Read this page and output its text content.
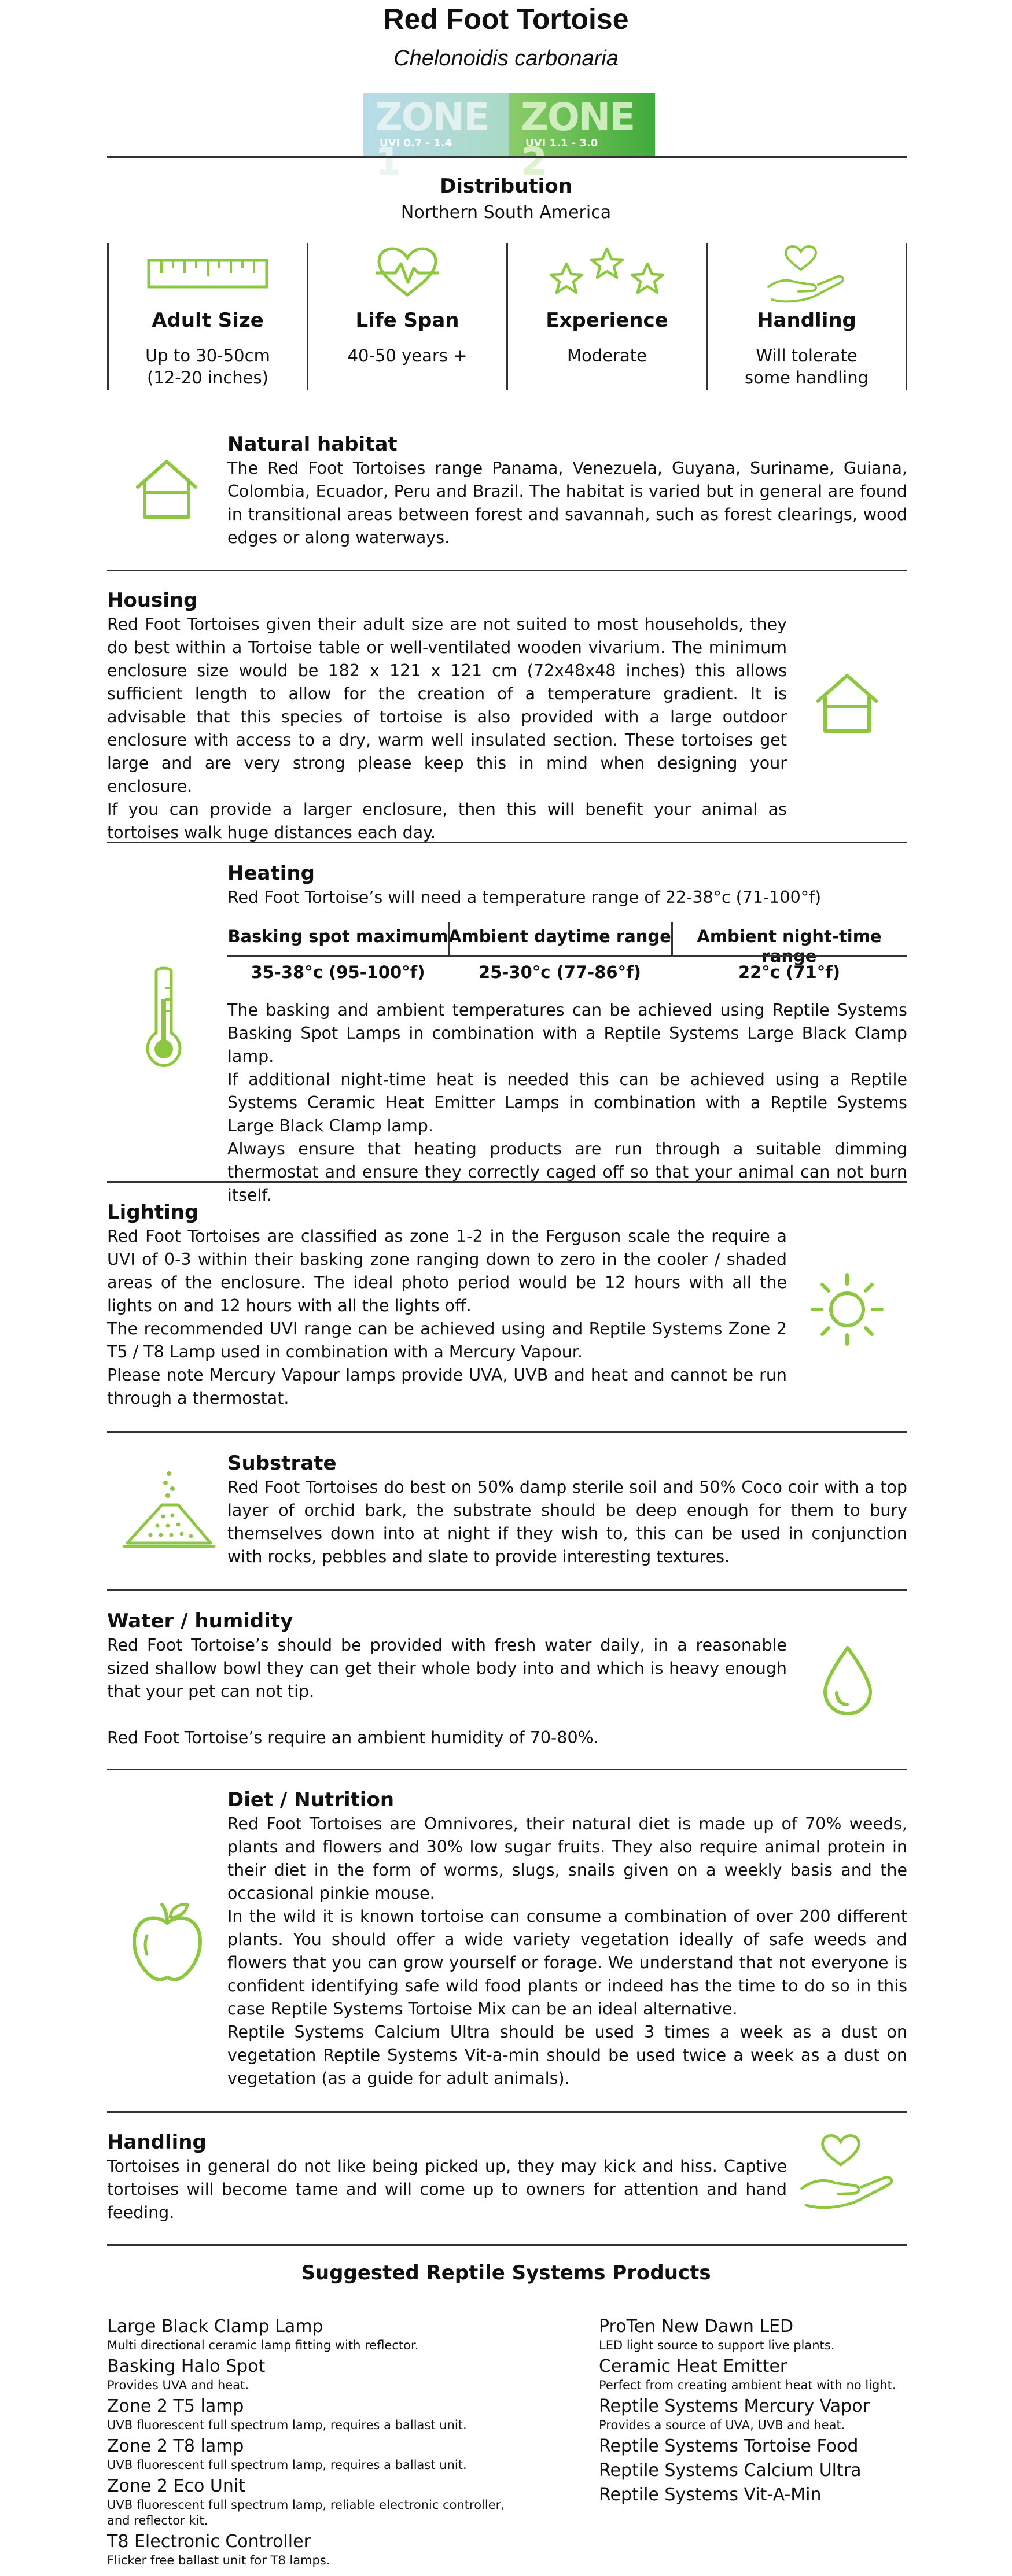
Red Foot Tortoise
Chelonoidis carbonaria
ZONE 1
UVI 0.7 - 1.4
ZONE 2
UVI 1.1 - 3.0
Distribution
Northern South America
Adult Size
Up to 30-50cm
(12-20 inches)
Life Span
40-50 years +
Experience
Moderate
Handling
Will tolerate
some handling
Natural habitat

The Red Foot Tortoises range Panama, Venezuela, Guyana, Suriname, Guiana, Colombia, Ecuador, Peru and Brazil. The habitat is varied but in general are found in transitional areas between forest and savannah, such as forest clearings, wood edges or along waterways.

Housing

Red Foot Tortoises given their adult size are not suited to most households, they do best within a Tortoise table or well-ventilated wooden vivarium. The minimum enclosure size would be 182 x 121 x 121 cm (72x48x48 inches) this allows sufficient length to allow for the creation of a temperature gradient. It is advisable that this species of tortoise is also provided with a large outdoor enclosure with access to a dry, warm well insulated section. These tortoises get large and are very strong please keep this in mind when designing your enclosure.

If you can provide a larger enclosure, then this will benefit your animal as tortoises walk huge distances each day.

Heating
Red Foot Tortoise’s will need a temperature range of 22-38°c (71-100°f)
Basking spot maximum
35-38°c (95-100°f)
Ambient daytime range
25-30°c (77-86°f)
Ambient night-time range
22°c (71°f)

The basking and ambient temperatures can be achieved using Reptile Systems Basking Spot Lamps in combination with a Reptile Systems Large Black Clamp lamp.

If additional night-time heat is needed this can be achieved using a Reptile Systems Ceramic Heat Emitter Lamps in combination with a Reptile Systems Large Black Clamp lamp.

Always ensure that heating products are run through a suitable dimming thermostat and ensure they correctly caged off so that your animal can not burn itself.

Lighting

Red Foot Tortoises are classified as zone 1-2 in the Ferguson scale the require a UVI of 0-3 within their basking zone ranging down to zero in the cooler / shaded areas of the enclosure. The ideal photo period would be 12 hours with all the lights on and 12 hours with all the lights off.

The recommended UVI range can be achieved using and Reptile Systems Zone 2 T5 / T8 Lamp used in combination with a Mercury Vapour.

Please note Mercury Vapour lamps provide UVA, UVB and heat and cannot be run through a thermostat.

Substrate

Red Foot Tortoises do best on 50% damp sterile soil and 50% Coco coir with a top layer of orchid bark, the substrate should be deep enough for them to bury themselves down into at night if they wish to, this can be used in conjunction with rocks, pebbles and slate to provide interesting textures.

Water / humidity

Red Foot Tortoise’s should be provided with fresh water daily, in a reasonable sized shallow bowl they can get their whole body into and which is heavy enough that your pet can not tip.

Red Foot Tortoise’s require an ambient humidity of 70-80%.

Diet / Nutrition

Red Foot Tortoises are Omnivores, their natural diet is made up of 70% weeds, plants and flowers and 30% low sugar fruits. They also require animal protein in their diet in the form of worms, slugs, snails given on a weekly basis and the occasional pinkie mouse.

In the wild it is known tortoise can consume a combination of over 200 different plants. You should offer a wide variety vegetation ideally of safe weeds and flowers that you can grow yourself or forage. We understand that not everyone is confident identifying safe wild food plants or indeed has the time to do so in this case Reptile Systems Tortoise Mix can be an ideal alternative.

Reptile Systems Calcium Ultra should be used 3 times a week as a dust on vegetation Reptile Systems Vit-a-min should be used twice a week as a dust on vegetation (as a guide for adult animals).

Handling

Tortoises in general do not like being picked up, they may kick and hiss. Captive tortoises will become tame and will come up to owners for attention and hand feeding.

Suggested Reptile Systems Products
Large Black Clamp Lamp
Multi directional ceramic lamp fitting with reflector.
Basking Halo Spot
Provides UVA and heat.
Zone 2 T5 lamp
UVB fluorescent full spectrum lamp, requires a ballast unit.
Zone 2 T8 lamp
UVB fluorescent full spectrum lamp, requires a ballast unit.
Zone 2 Eco Unit
UVB fluorescent full spectrum lamp, reliable electronic controller, and reflector kit.
T8 Electronic Controller
Flicker free ballast unit for T8 lamps.
ProTen New Dawn LED
LED light source to support live plants.
Ceramic Heat Emitter
Perfect from creating ambient heat with no light.
Reptile Systems Mercury Vapor
Provides a source of UVA, UVB and heat.
Reptile Systems Tortoise Food
Reptile Systems Calcium Ultra
Reptile Systems Vit-A-Min
